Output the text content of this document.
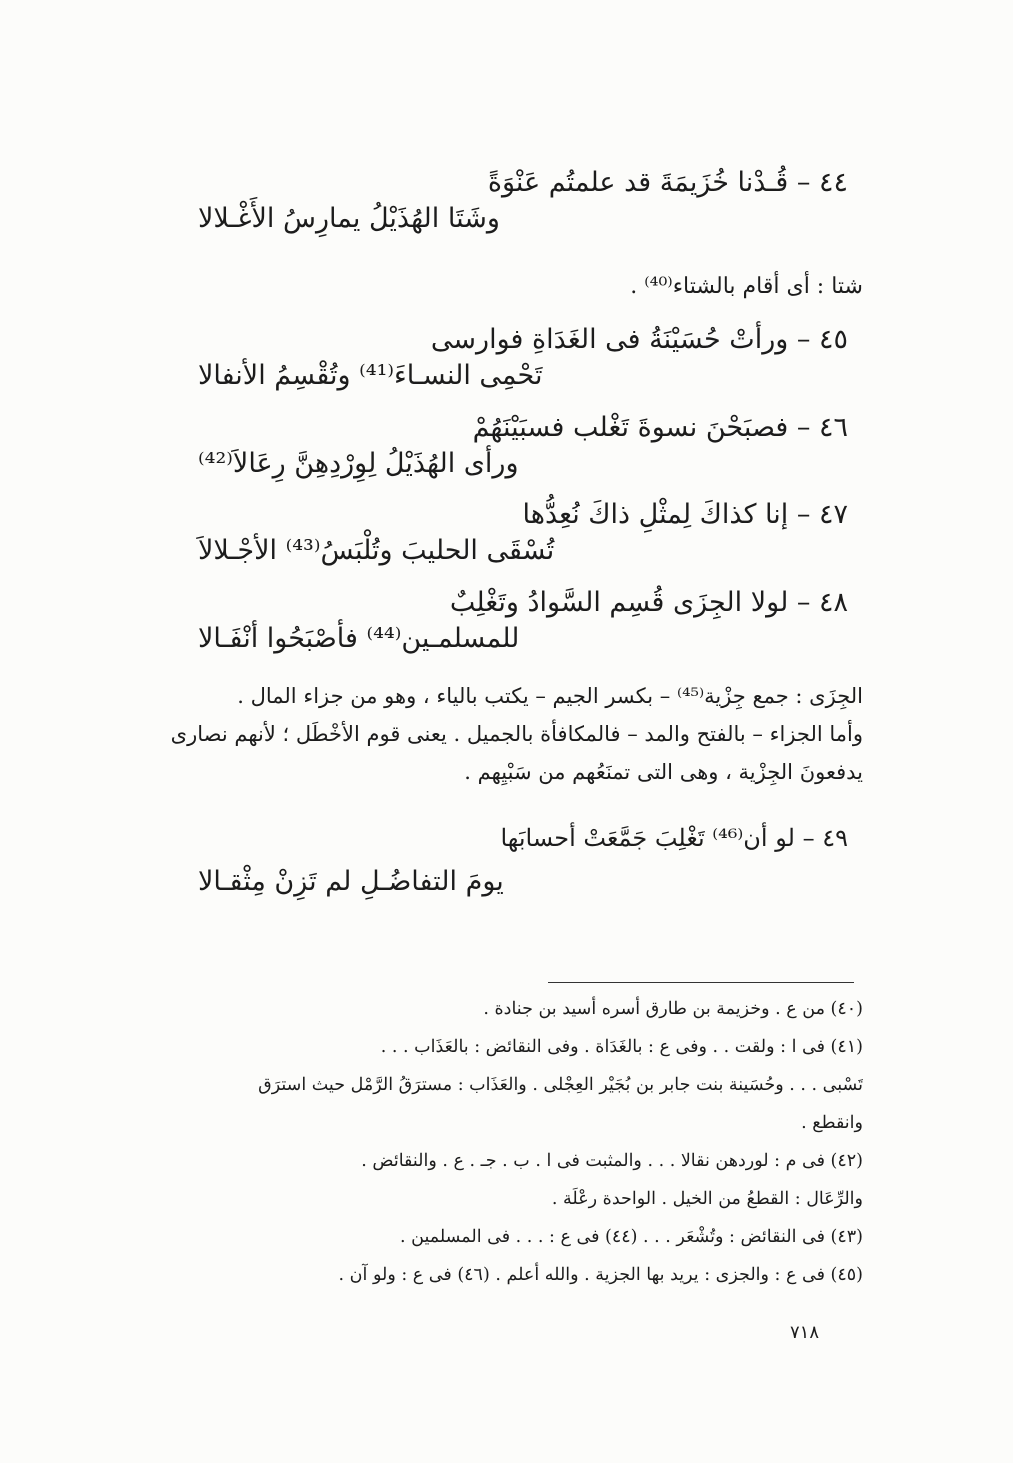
٤٤ – قُـدْنا خُزَيمَةَ قد علمتُم عَنْوَةً
وشَتَا الهُذَيْلُ يمارِسُ الأَغْـلالا
شتا : أى أقام بالشتاء⁽⁴⁰⁾ .
٤٥ – ورأتْ حُسَيْنَةُ فى الغَدَاةِ فوارسى
تَحْمِى النسـاءَ⁽⁴¹⁾ وتُقْسِمُ الأنفالا
٤٦ – فصبَحْنَ نسوةَ تَغْلب فسبَيْنَهُمْ
ورأى الهُذَيْلُ لِوِرْدِهِنَّ رِعَالاَ⁽⁴²⁾
٤٧ – إنا كذاكَ لِمثْلِ ذاكَ نُعِدُّها
تُسْقَى الحليبَ وتُلْبَسُ⁽⁴³⁾ الأجْـلالاَ
٤٨ – لولا الجِزَى قُسِم السَّوادُ وتَغْلِبٌ
للمسلمـين⁽⁴⁴⁾ فأصْبَحُوا أنْفَـالا
الجِزَى : جمع جِزْية⁽⁴⁵⁾ – بكسر الجيم – يكتب بالياء ، وهو من جزاء المال .
وأما الجزاء – بالفتح والمد – فالمكافأة بالجميل . يعنى قوم الأخْطَل ؛ لأنهم نصارى
يدفعونَ الجِزْية ، وهى التى تمنَعُهم من سَبْيِهم .
٤٩ – لو أن⁽⁴⁶⁾ تَغْلِبَ جَمَّعَتْ أحسابَها
يومَ التفاضُـلِ لم تَزِنْ مِثْقـالا
(٤٠) من ع . وخزيمة بن طارق أسره أسيد بن جنادة .
(٤١) فى ا : ولقت . . وفى ع : بالغَدَاة . وفى النقائض : بالعَذَاب . . .
تَسْبى . . . وحُسَينة بنت جابر بن بُجَيْر العِجْلى . والعَذَاب : مسترَقُ الرَّمْل حيث استرَق
وانقطع .
(٤٢) فى م : لوردهن نقالا . . . والمثبت فى ا . ب . جـ . ع . والنقائض .
والرِّعَال : القطعُ من الخيل . الواحدة رعْلَة .
(٤٣) فى النقائض : وتُشْعَر . . . (٤٤) فى ع : . . . فى المسلمين .
(٤٥) فى ع : والجزى : يريد بها الجزية . والله أعلم . (٤٦) فى ع : ولو آن .
٧١٨
